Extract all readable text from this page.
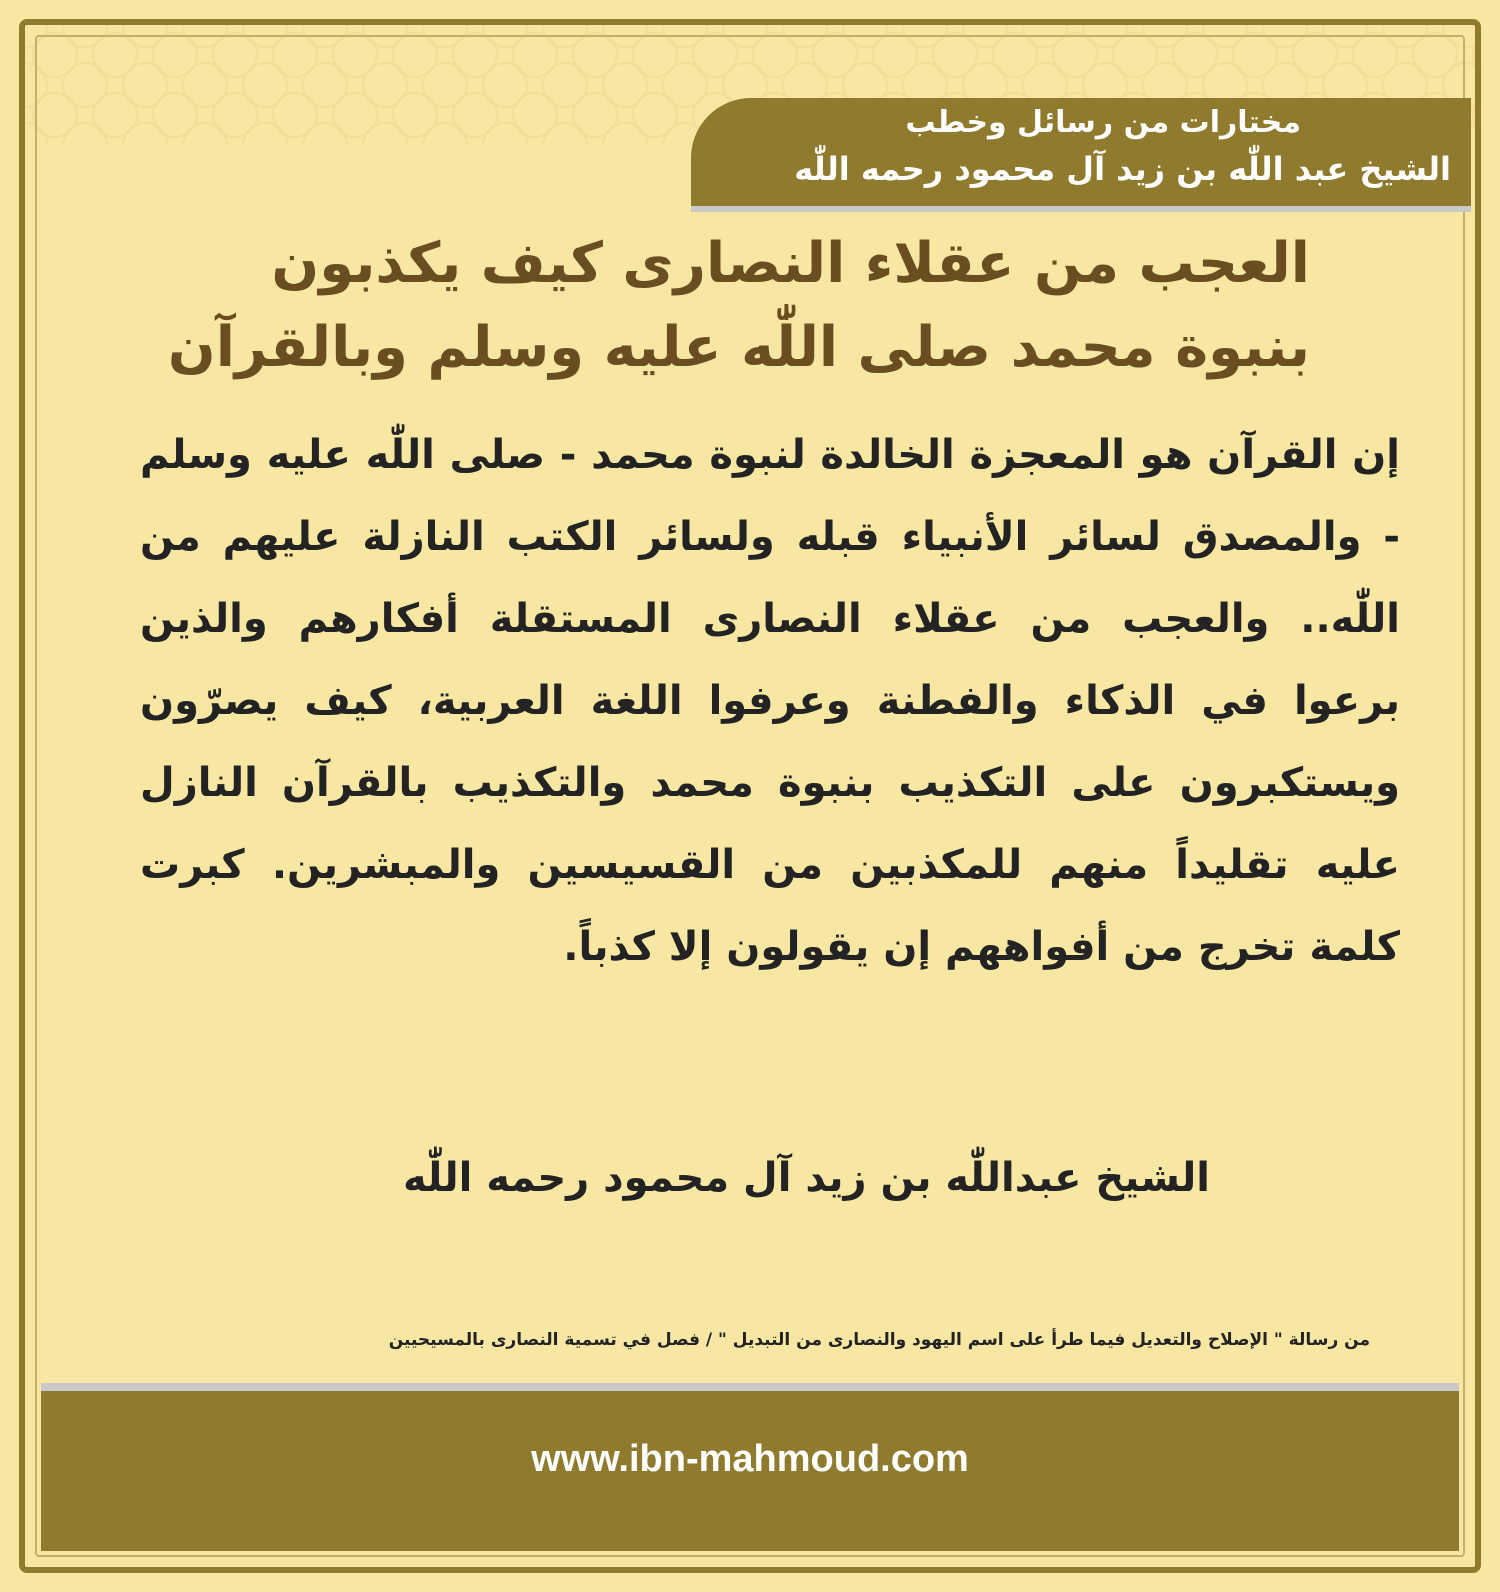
مختارات من رسائل وخطب
الشيخ عبد اللّٰه بن زيد آل محمود رحمه اللّٰه
www.ibn-mahmoud.com
العجب من عقلاء النصارى كيف يكذبون
بنبوة محمد صلى اللّٰه عليه وسلم وبالقرآن

إن القرآن هو المعجزة الخالدة لنبوة محمد - صلى اللّٰه عليه وسلم - والمصدق لسائر الأنبياء قبله ولسائر الكتب النازلة عليهم من اللّٰه.. والعجب من عقلاء النصارى المستقلة أفكارهم والذين برعوا في الذكاء والفطنة وعرفوا اللغة العربية، كيف يصرّون ويستكبرون على التكذيب بنبوة محمد والتكذيب بالقرآن النازل عليه تقليداً منهم للمكذبين من القسيسين والمبشرين. كبرت كلمة تخرج من أفواههم إن يقولون إلا كذباً.

الشيخ عبداللّٰه بن زيد آل محمود رحمه اللّٰه
من رسالة " الإصلاح والتعديل فيما طرأ على اسم اليهود والنصارى من التبديل " / فصل في تسمية النصارى بالمسيحيين
